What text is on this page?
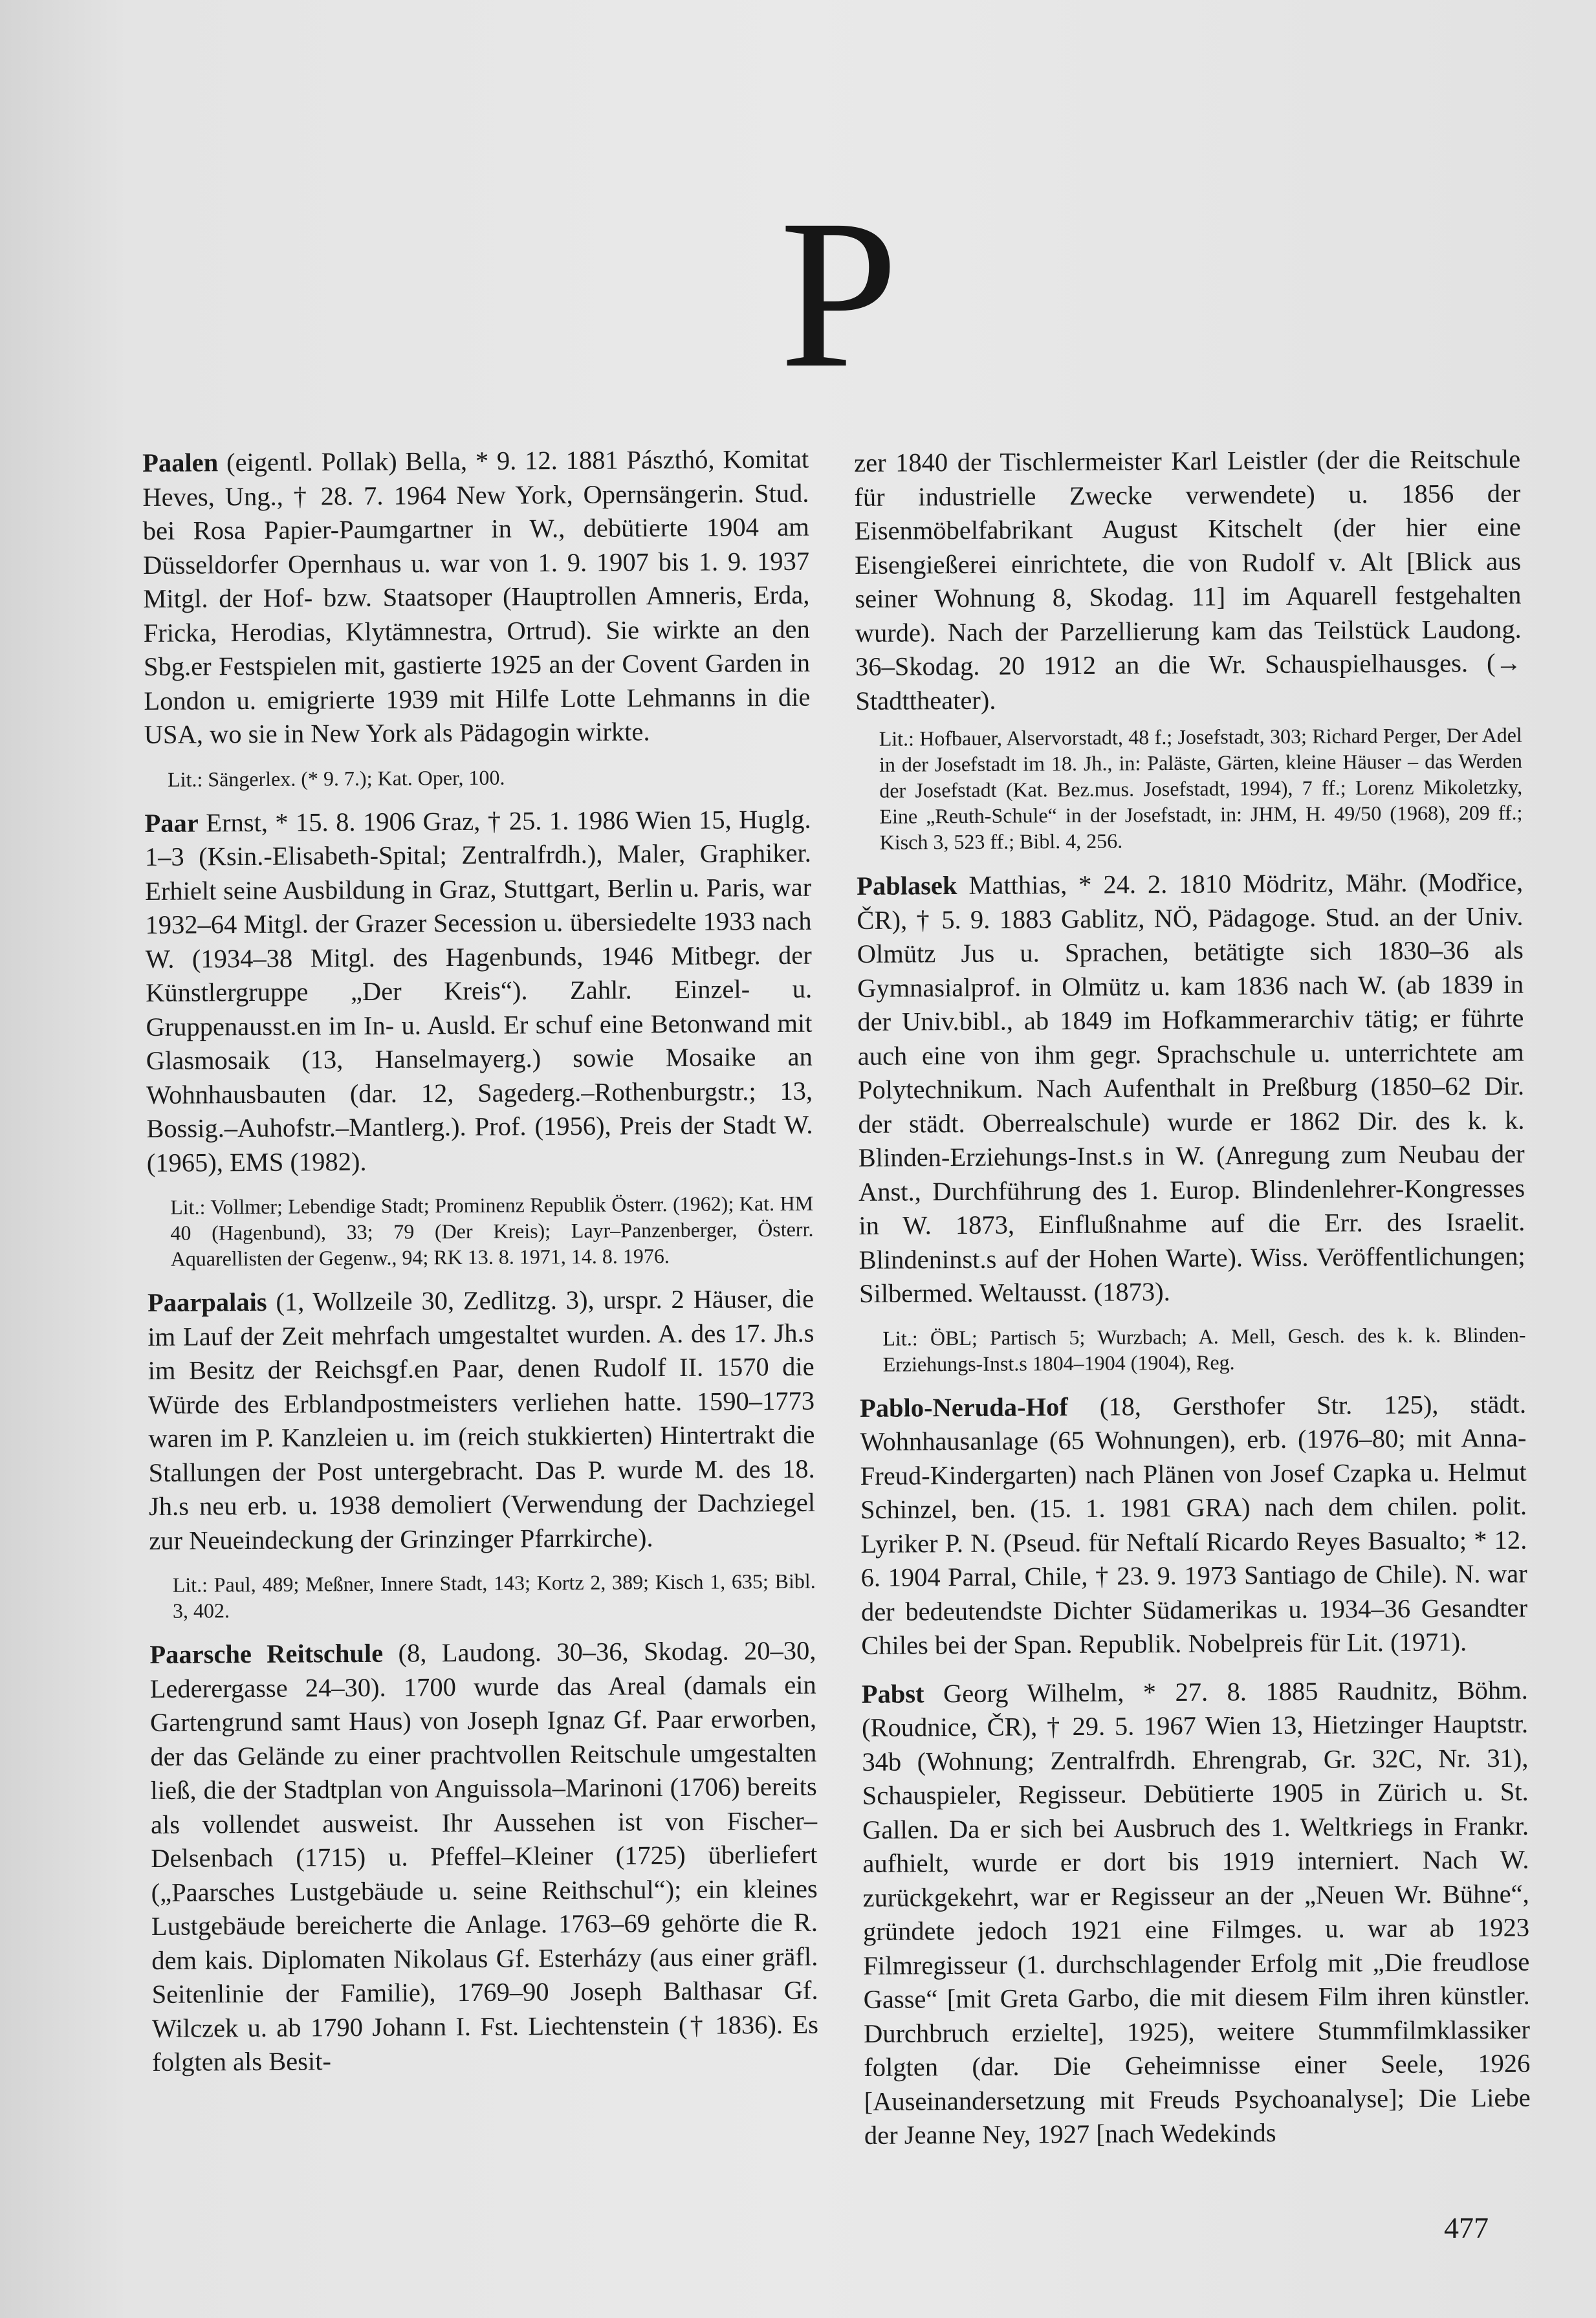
P
Paalen (eigentl. Pollak) Bella, * 9. 12. 1881 Pászthó, Komitat Heves, Ung., † 28. 7. 1964 New York, Opernsängerin. Stud. bei Rosa Papier-Paumgartner in W., debütierte 1904 am Düsseldorfer Opernhaus u. war von 1. 9. 1907 bis 1. 9. 1937 Mitgl. der Hof- bzw. Staatsoper (Hauptrollen Amneris, Erda, Fricka, Herodias, Klytämnestra, Ortrud). Sie wirkte an den Sbg.er Festspielen mit, gastierte 1925 an der Covent Garden in London u. emigrierte 1939 mit Hilfe Lotte Lehmanns in die USA, wo sie in New York als Pädagogin wirkte.
Lit.: Sängerlex. (* 9. 7.); Kat. Oper, 100.
Paar Ernst, * 15. 8. 1906 Graz, † 25. 1. 1986 Wien 15, Huglg. 1–3 (Ksin.-Elisabeth-Spital; Zentralfrdh.), Maler, Graphiker. Erhielt seine Ausbildung in Graz, Stuttgart, Berlin u. Paris, war 1932–64 Mitgl. der Grazer Secession u. übersiedelte 1933 nach W. (1934–38 Mitgl. des Hagenbunds, 1946 Mitbegr. der Künstlergruppe „Der Kreis“). Zahlr. Einzel- u. Gruppenausst.en im In- u. Ausld. Er schuf eine Betonwand mit Glasmosaik (13, Hanselmayerg.) sowie Mosaike an Wohnhausbauten (dar. 12, Sagederg.–Rothenburgstr.; 13, Bossig.–Auhofstr.–Mantlerg.). Prof. (1956), Preis der Stadt W. (1965), EMS (1982).
Lit.: Vollmer; Lebendige Stadt; Prominenz Republik Österr. (1962); Kat. HM 40 (Hagenbund), 33; 79 (Der Kreis); Layr–Panzenberger, Österr. Aquarellisten der Gegenw., 94; RK 13. 8. 1971, 14. 8. 1976.
Paarpalais (1, Wollzeile 30, Zedlitzg. 3), urspr. 2 Häuser, die im Lauf der Zeit mehrfach umgestaltet wurden. A. des 17. Jh.s im Besitz der Reichsgf.en Paar, denen Rudolf II. 1570 die Würde des Erblandpostmeisters verliehen hatte. 1590–1773 waren im P. Kanzleien u. im (reich stukkierten) Hintertrakt die Stallungen der Post untergebracht. Das P. wurde M. des 18. Jh.s neu erb. u. 1938 demoliert (Verwendung der Dachziegel zur Neueindeckung der Grinzinger Pfarrkirche).
Lit.: Paul, 489; Meßner, Innere Stadt, 143; Kortz 2, 389; Kisch 1, 635; Bibl. 3, 402.
Paarsche Reitschule (8, Laudong. 30–36, Skodag. 20–30, Lederergasse 24–30). 1700 wurde das Areal (damals ein Gartengrund samt Haus) von Joseph Ignaz Gf. Paar erworben, der das Gelände zu einer prachtvollen Reitschule umgestalten ließ, die der Stadtplan von Anguissola–Marinoni (1706) bereits als vollendet ausweist. Ihr Aussehen ist von Fischer–Delsenbach (1715) u. Pfeffel–Kleiner (1725) überliefert („Paarsches Lustgebäude u. seine Reithschul“); ein kleines Lustgebäude bereicherte die Anlage. 1763–69 gehörte die R. dem kais. Diplomaten Nikolaus Gf. Esterházy (aus einer gräfl. Seitenlinie der Familie), 1769–90 Joseph Balthasar Gf. Wilczek u. ab 1790 Johann I. Fst. Liechtenstein († 1836). Es folgten als Besit-
zer 1840 der Tischlermeister Karl Leistler (der die Reitschule für industrielle Zwecke verwendete) u. 1856 der Eisenmöbelfabrikant August Kitschelt (der hier eine Eisengießerei einrichtete, die von Rudolf v. Alt [Blick aus seiner Wohnung 8, Skodag. 11] im Aquarell festgehalten wurde). Nach der Parzellierung kam das Teilstück Laudong. 36–Skodag. 20 1912 an die Wr. Schauspielhausges. (→ Stadttheater).
Lit.: Hofbauer, Alservorstadt, 48 f.; Josefstadt, 303; Richard Perger, Der Adel in der Josefstadt im 18. Jh., in: Paläste, Gärten, kleine Häuser – das Werden der Josefstadt (Kat. Bez.mus. Josefstadt, 1994), 7 ff.; Lorenz Mikoletzky, Eine „Reuth-Schule“ in der Josefstadt, in: JHM, H. 49/50 (1968), 209 ff.; Kisch 3, 523 ff.; Bibl. 4, 256.
Pablasek Matthias, * 24. 2. 1810 Mödritz, Mähr. (Modřice, ČR), † 5. 9. 1883 Gablitz, NÖ, Pädagoge. Stud. an der Univ. Olmütz Jus u. Sprachen, betätigte sich 1830–36 als Gymnasialprof. in Olmütz u. kam 1836 nach W. (ab 1839 in der Univ.bibl., ab 1849 im Hofkammerarchiv tätig; er führte auch eine von ihm gegr. Sprachschule u. unterrichtete am Polytechnikum. Nach Aufenthalt in Preßburg (1850–62 Dir. der städt. Oberrealschule) wurde er 1862 Dir. des k. k. Blinden-Erziehungs-Inst.s in W. (Anregung zum Neubau der Anst., Durchführung des 1. Europ. Blindenlehrer-Kongresses in W. 1873, Einflußnahme auf die Err. des Israelit. Blindeninst.s auf der Hohen Warte). Wiss. Veröffentlichungen; Silbermed. Weltausst. (1873).
Lit.: ÖBL; Partisch 5; Wurzbach; A. Mell, Gesch. des k. k. Blinden-Erziehungs-Inst.s 1804–1904 (1904), Reg.
Pablo-Neruda-Hof (18, Gersthofer Str. 125), städt. Wohnhausanlage (65 Wohnungen), erb. (1976–80; mit Anna-Freud-Kindergarten) nach Plänen von Josef Czapka u. Helmut Schinzel, ben. (15. 1. 1981 GRA) nach dem chilen. polit. Lyriker P. N. (Pseud. für Neftalí Ricardo Reyes Basualto; * 12. 6. 1904 Parral, Chile, † 23. 9. 1973 Santiago de Chile). N. war der bedeutendste Dichter Südamerikas u. 1934–36 Gesandter Chiles bei der Span. Republik. Nobelpreis für Lit. (1971).
Pabst Georg Wilhelm, * 27. 8. 1885 Raudnitz, Böhm. (Roudnice, ČR), † 29. 5. 1967 Wien 13, Hietzinger Hauptstr. 34b (Wohnung; Zentralfrdh. Ehrengrab, Gr. 32C, Nr. 31), Schauspieler, Regisseur. Debütierte 1905 in Zürich u. St. Gallen. Da er sich bei Ausbruch des 1. Weltkriegs in Frankr. aufhielt, wurde er dort bis 1919 interniert. Nach W. zurückgekehrt, war er Regisseur an der „Neuen Wr. Bühne“, gründete jedoch 1921 eine Filmges. u. war ab 1923 Filmregisseur (1. durchschlagender Erfolg mit „Die freudlose Gasse“ [mit Greta Garbo, die mit diesem Film ihren künstler. Durchbruch erzielte], 1925), weitere Stummfilmklassiker folgten (dar. Die Geheimnisse einer Seele, 1926 [Auseinandersetzung mit Freuds Psychoanalyse]; Die Liebe der Jeanne Ney, 1927 [nach Wedekinds
477
